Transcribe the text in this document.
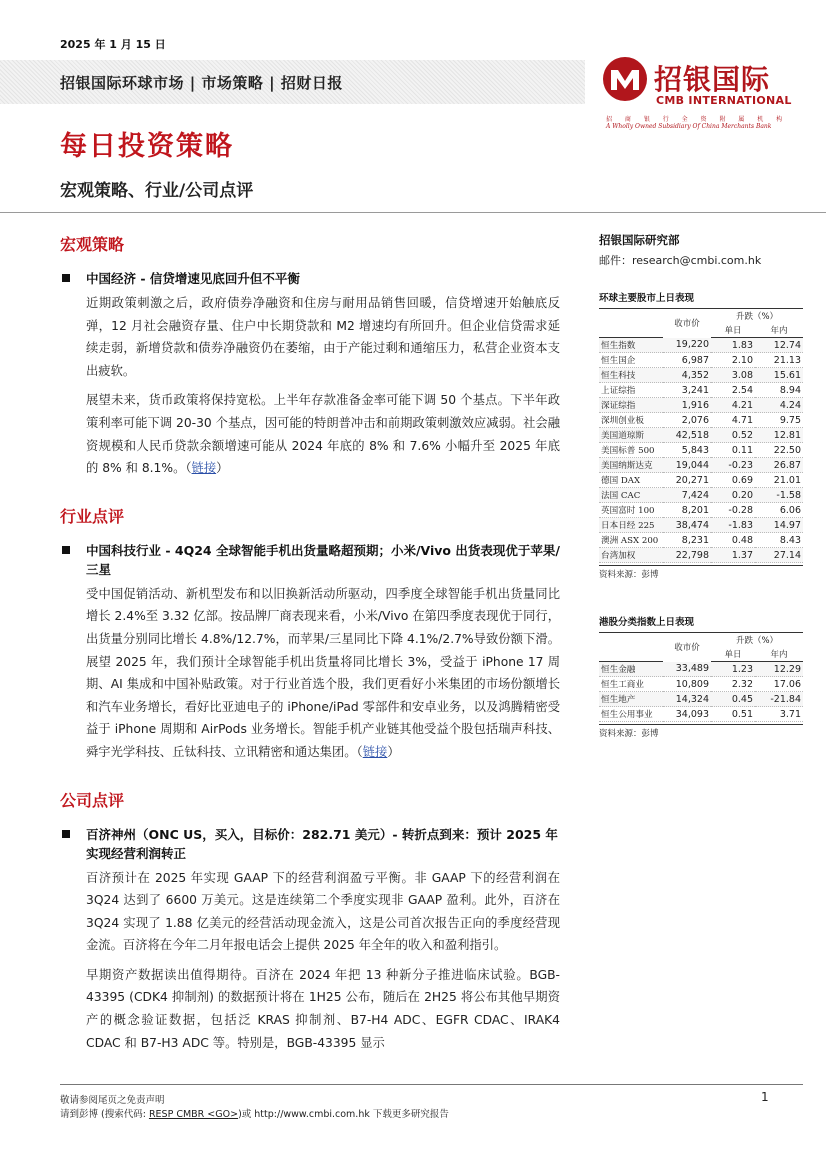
2025 年 1 月 15 日
招银国际环球市场 | 市场策略 | 招财日报	招银国际
CMB INTERNATIONAL
招 商 银 行 全 资 附 属 机 构
A Wholly Owned Subsidiary Of China Merchants Bank
每日投资策略
宏观策略、行业/公司点评
宏观策略
中国经济 - 信贷增速见底回升但不平衡

近期政策刺激之后，政府债券净融资和住房与耐用品销售回暖，信贷增速开始触底反弹，12 月社会融资存量、住户中长期贷款和 M2 增速均有所回升。但企业信贷需求延续走弱，新增贷款和债券净融资仍在萎缩，由于产能过剩和通缩压力，私营企业资本支出疲软。

展望未来，货币政策将保持宽松。上半年存款准备金率可能下调 50 个基点。下半年政策利率可能下调 20-30 个基点，因可能的特朗普冲击和前期政策刺激效应减弱。社会融资规模和人民币贷款余额增速可能从 2024 年底的 8% 和 7.6% 小幅升至 2025 年底的 8% 和 8.1%。（链接）

行业点评
中国科技行业 - 4Q24 全球智能手机出货量略超预期；小米/Vivo 出货表现优于苹果/三星

受中国促销活动、新机型发布和以旧换新活动所驱动，四季度全球智能手机出货量同比增长 2.4%至 3.32 亿部。按品牌厂商表现来看，小米/Vivo 在第四季度表现优于同行，出货量分别同比增长 4.8%/12.7%，而苹果/三星同比下降 4.1%/2.7%导致份额下滑。展望 2025 年，我们预计全球智能手机出货量将同比增长 3%，受益于 iPhone 17 周期、AI 集成和中国补贴政策。对于行业首选个股，我们更看好小米集团的市场份额增长和汽车业务增长，看好比亚迪电子的 iPhone/iPad 零部件和安卓业务，以及鸿腾精密受益于 iPhone 周期和 AirPods 业务增长。智能手机产业链其他受益个股包括瑞声科技、舜宇光学科技、丘钛科技、立讯精密和通达集团。（链接）

公司点评
百济神州（ONC US，买入，目标价：282.71 美元）- 转折点到来：预计 2025 年实现经营利润转正

百济预计在 2025 年实现 GAAP 下的经营利润盈亏平衡。非 GAAP 下的经营利润在 3Q24 达到了 6600 万美元。这是连续第二个季度实现非 GAAP 盈利。此外，百济在 3Q24 实现了 1.88 亿美元的经营活动现金流入，这是公司首次报告正向的季度经营现金流。百济将在今年二月年报电话会上提供 2025 年全年的收入和盈利指引。

早期资产数据读出值得期待。百济在 2024 年把 13 种新分子推进临床试验。BGB-43395 (CDK4 抑制剂) 的数据预计将在 1H25 公布，随后在 2H25 将公布其他早期资产的概念验证数据，包括泛 KRAS 抑制剂、B7-H4 ADC、EGFR CDAC、IRAK4 CDAC 和 B7-H3 ADC 等。特别是，BGB-43395 显示

招银国际研究部
邮件：research@cmbi.com.hk
环球主要股市上日表现
	收市价	升跌（%）	
		单日	年内
恒生指数	19,220	1.83	12.74
恒生国企	6,987	2.10	21.13
恒生科技	4,352	3.08	15.61
上证综指	3,241	2.54	8.94
深证综指	1,916	4.21	4.24
深圳创业板	2,076	4.71	9.75
美国道琼斯	42,518	0.52	12.81
美国标普 500	5,843	0.11	22.50
美国纳斯达克	19,044	-0.23	26.87
德国 DAX	20,271	0.69	21.01
法国 CAC	7,424	0.20	-1.58
英国富时 100	8,201	-0.28	6.06
日本日经 225	38,474	-1.83	14.97
澳洲 ASX 200	8,231	0.48	8.43
台湾加权	22,798	1.37	27.14
资料来源：彭博
港股分类指数上日表现
	收市价	升跌（%）	
		单日	年内
恒生金融	33,489	1.23	12.29
恒生工商业	10,809	2.32	17.06
恒生地产	14,324	0.45	-21.84
恒生公用事业	34,093	0.51	3.71
资料来源：彭博
敬请参阅尾页之免责声明
请到彭博 (搜索代码: RESP CMBR <GO>)或 http://www.cmbi.com.hk 下载更多研究报告
1
